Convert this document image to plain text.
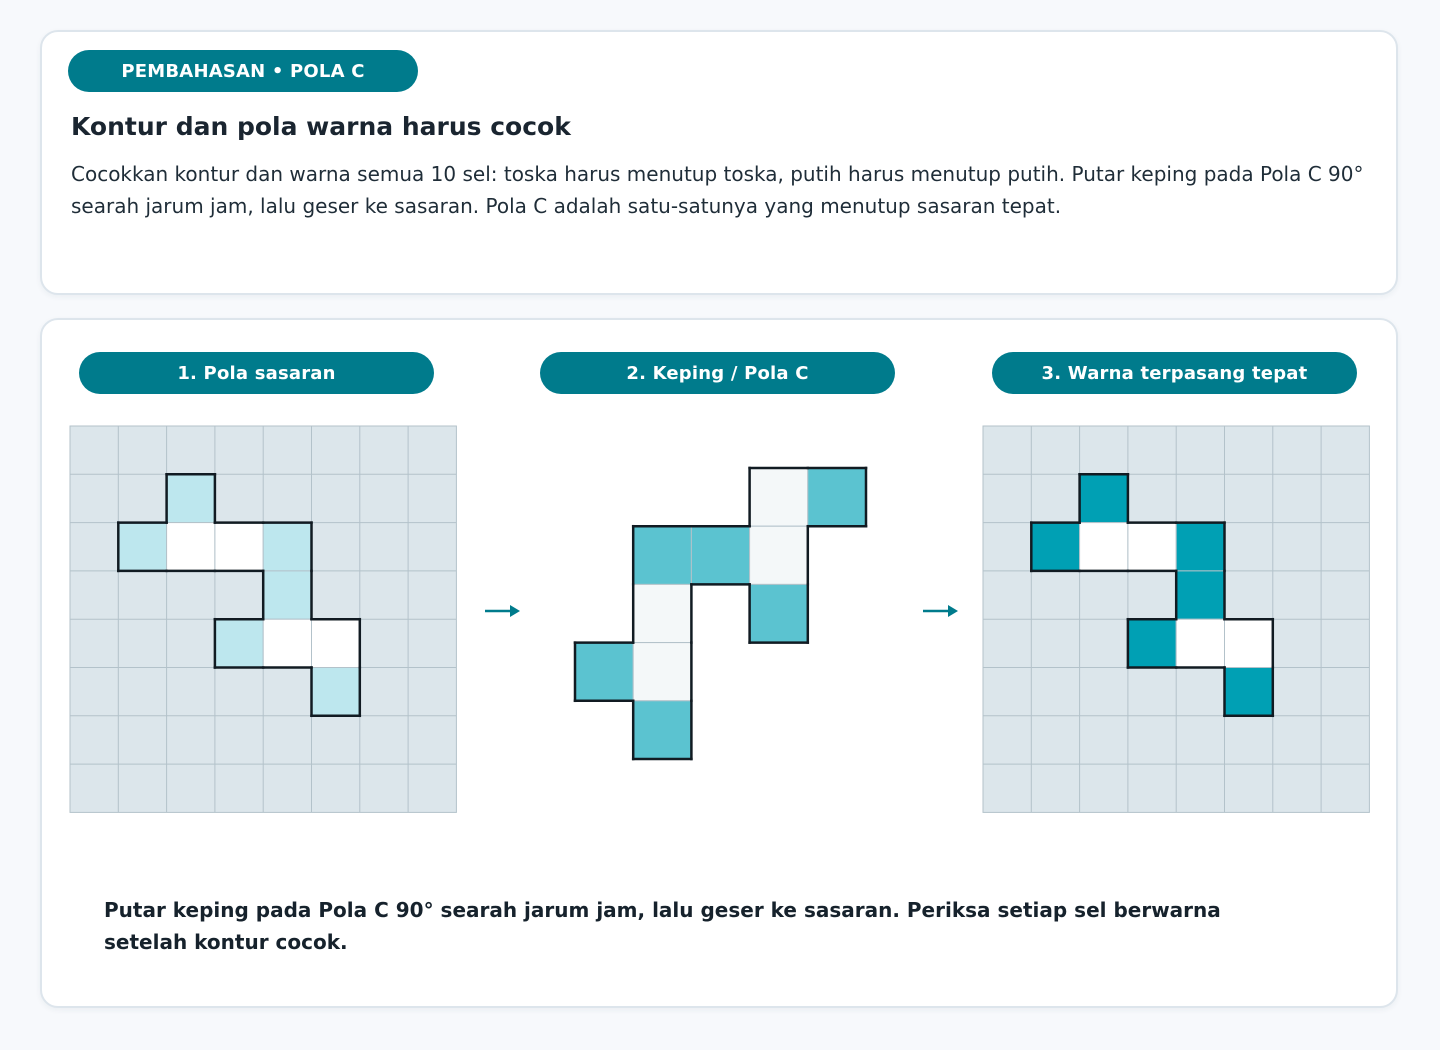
PEMBAHASAN • POLA C
Kontur dan pola warna harus cocok

Cocokkan kontur dan warna semua 10 sel: toska harus menutup toska, putih harus menutup putih. Putar keping pada Pola C 90° searah jarum jam, lalu geser ke sasaran. Pola C adalah satu-satunya yang menutup sasaran tepat.

1. Pola sasaran	2. Keping / Pola C	3. Warna terpasang tepat

Putar keping pada Pola C 90° searah jarum jam, lalu geser ke sasaran. Periksa setiap sel berwarna setelah kontur cocok.
